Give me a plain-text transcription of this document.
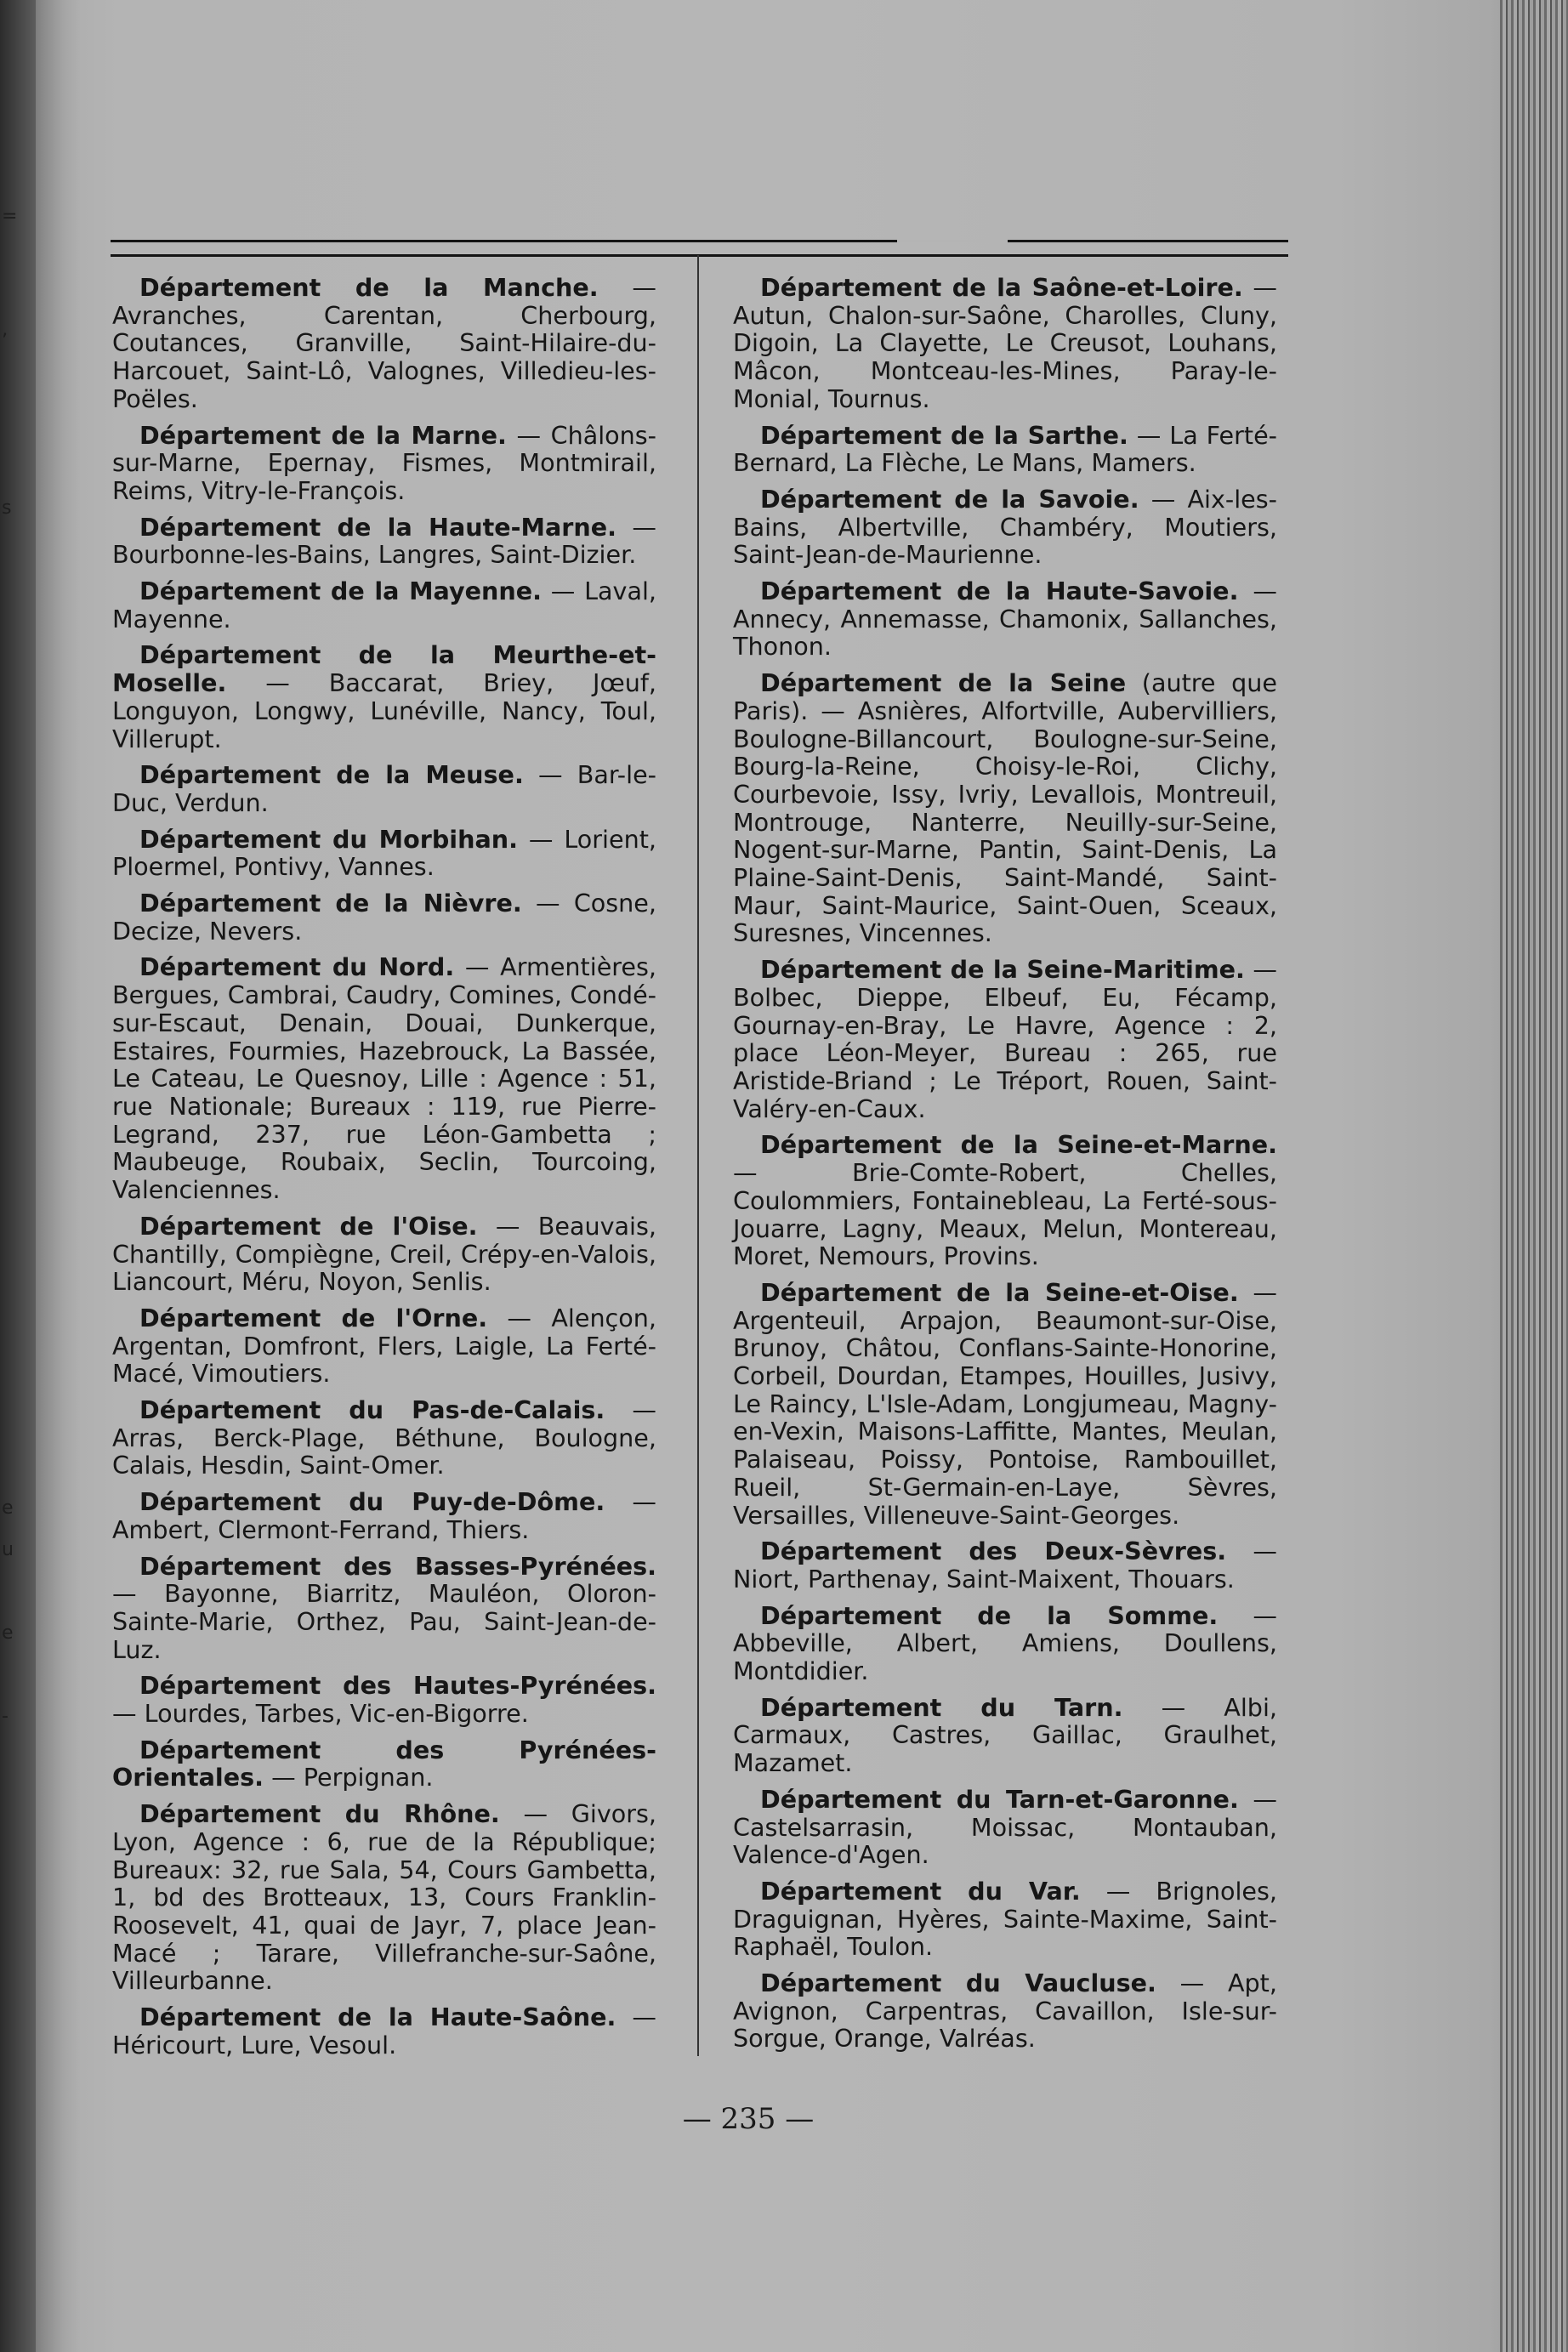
=

’

s

e
u

e

-

Département de la Manche. — Avranches, Carentan, Cherbourg, Coutances, Granville, Saint-Hilaire-du-Harcouet, Saint-Lô, Valognes, Villedieu-les-Poëles.

Département de la Marne. — Châlons-sur-Marne, Epernay, Fismes, Montmirail, Reims, Vitry-le-François.

Département de la Haute-Marne. — Bourbonne-les-Bains, Langres, Saint-Dizier.

Département de la Mayenne. — Laval, Mayenne.

Département de la Meurthe-et-Moselle. — Baccarat, Briey, Jœuf, Longuyon, Longwy, Lunéville, Nancy, Toul, Villerupt.

Département de la Meuse. — Bar-le-Duc, Verdun.

Département du Morbihan. — Lorient, Ploermel, Pontivy, Vannes.

Département de la Nièvre. — Cosne, Decize, Nevers.

Département du Nord. — Armentières, Bergues, Cambrai, Caudry, Comines, Condé-sur-Escaut, Denain, Douai, Dunkerque, Estaires, Fourmies, Hazebrouck, La Bassée, Le Cateau, Le Quesnoy, Lille : Agence : 51, rue Nationale; Bureaux : 119, rue Pierre-Legrand, 237, rue Léon-Gambetta ; Maubeuge, Roubaix, Seclin, Tourcoing, Valenciennes.

Département de l'Oise. — Beauvais, Chantilly, Compiègne, Creil, Crépy-en-Valois, Liancourt, Méru, Noyon, Senlis.

Département de l'Orne. — Alençon, Argentan, Domfront, Flers, Laigle, La Ferté-Macé, Vimoutiers.

Département du Pas-de-Calais. — Arras, Berck-Plage, Béthune, Boulogne, Calais, Hesdin, Saint-Omer.

Département du Puy-de-Dôme. — Ambert, Clermont-Ferrand, Thiers.

Département des Basses-Pyrénées. — Bayonne, Biarritz, Mauléon, Oloron-Sainte-Marie, Orthez, Pau, Saint-Jean-de-Luz.

Département des Hautes-Pyrénées. — Lourdes, Tarbes, Vic-en-Bigorre.

Département des Pyrénées-Orientales. — Perpignan.

Département du Rhône. — Givors, Lyon, Agence : 6, rue de la République; Bureaux: 32, rue Sala, 54, Cours Gambetta, 1, bd des Brotteaux, 13, Cours Franklin-Roosevelt, 41, quai de Jayr, 7, place Jean-Macé ; Tarare, Villefranche-sur-Saône, Villeurbanne.

Département de la Haute-Saône. — Héricourt, Lure, Vesoul.

Département de la Saône-et-Loire. — Autun, Chalon-sur-Saône, Charolles, Cluny, Digoin, La Clayette, Le Creusot, Louhans, Mâcon, Montceau-les-Mines, Paray-le-Monial, Tournus.

Département de la Sarthe. — La Ferté-Bernard, La Flèche, Le Mans, Mamers.

Département de la Savoie. — Aix-les-Bains, Albertville, Chambéry, Moutiers, Saint-Jean-de-Maurienne.

Département de la Haute-Savoie. — Annecy, Annemasse, Chamonix, Sallanches, Thonon.

Département de la Seine (autre que Paris). — Asnières, Alfortville, Aubervilliers, Boulogne-Billancourt, Boulogne-sur-Seine, Bourg-la-Reine, Choisy-le-Roi, Clichy, Courbevoie, Issy, Ivriy, Levallois, Montreuil, Montrouge, Nanterre, Neuilly-sur-Seine, Nogent-sur-Marne, Pantin, Saint-Denis, La Plaine-Saint-Denis, Saint-Mandé, Saint-Maur, Saint-Maurice, Saint-Ouen, Sceaux, Suresnes, Vincennes.

Département de la Seine-Maritime. — Bolbec, Dieppe, Elbeuf, Eu, Fécamp, Gournay-en-Bray, Le Havre, Agence : 2, place Léon-Meyer, Bureau : 265, rue Aristide-Briand ; Le Tréport, Rouen, Saint-Valéry-en-Caux.

Département de la Seine-et-Marne. — Brie-Comte-Robert, Chelles, Coulommiers, Fontainebleau, La Ferté-sous-Jouarre, Lagny, Meaux, Melun, Montereau, Moret, Nemours, Provins.

Département de la Seine-et-Oise. — Argenteuil, Arpajon, Beaumont-sur-Oise, Brunoy, Châtou, Conflans-Sainte-Honorine, Corbeil, Dourdan, Etampes, Houilles, Jusivy, Le Raincy, L'Isle-Adam, Longjumeau, Magny-en-Vexin, Maisons-Laffitte, Mantes, Meulan, Palaiseau, Poissy, Pontoise, Rambouillet, Rueil, St-Germain-en-Laye, Sèvres, Versailles, Villeneuve-Saint-Georges.

Département des Deux-Sèvres. — Niort, Parthenay, Saint-Maixent, Thouars.

Département de la Somme. — Abbeville, Albert, Amiens, Doullens, Montdidier.

Département du Tarn. — Albi, Carmaux, Castres, Gaillac, Graulhet, Mazamet.

Département du Tarn-et-Garonne. — Castelsarrasin, Moissac, Montauban, Valence-d'Agen.

Département du Var. — Brignoles, Draguignan, Hyères, Sainte-Maxime, Saint-Raphaël, Toulon.

Département du Vaucluse. — Apt, Avignon, Carpentras, Cavaillon, Isle-sur-Sorgue, Orange, Valréas.

— 235 —
